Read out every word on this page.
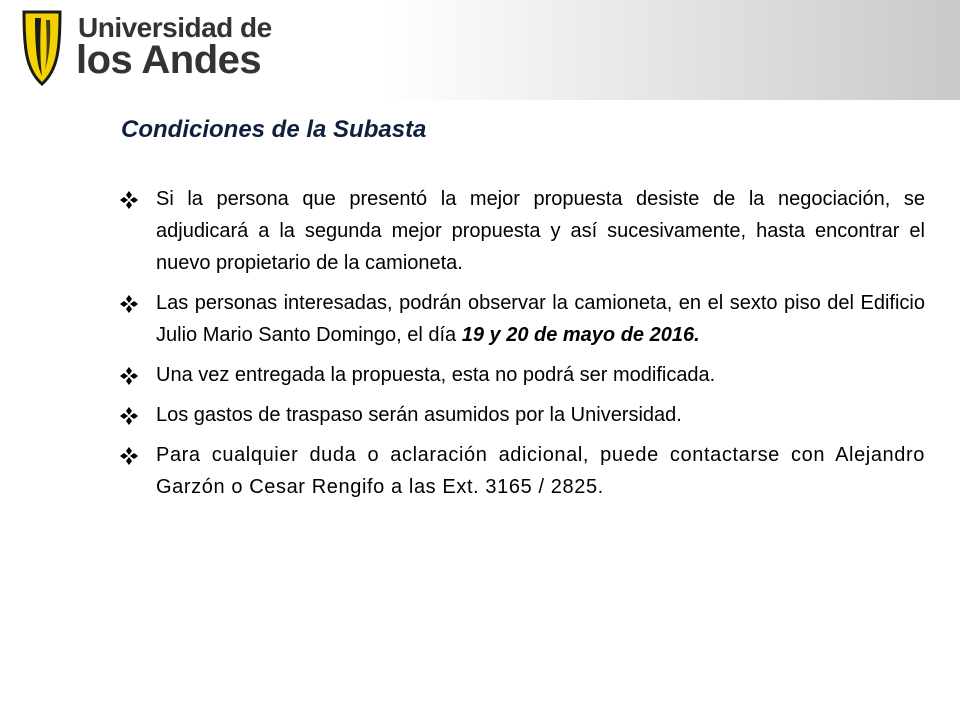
Universidad de
los Andes
Condiciones de la Subasta
Si la persona que presentó la mejor propuesta desiste de la negociación, se adjudicará a la segunda mejor propuesta y así sucesivamente, hasta encontrar el nuevo propietario de la camioneta.
Las personas interesadas, podrán observar la camioneta, en el sexto piso del Edificio Julio Mario Santo Domingo, el día 19 y 20 de mayo de 2016.
Una vez entregada la propuesta, esta no podrá ser modificada.
Los gastos de traspaso serán asumidos por la Universidad.
Para cualquier duda o aclaración adicional, puede contactarse con Alejandro Garzón o Cesar Rengifo a las Ext. 3165 / 2825.
